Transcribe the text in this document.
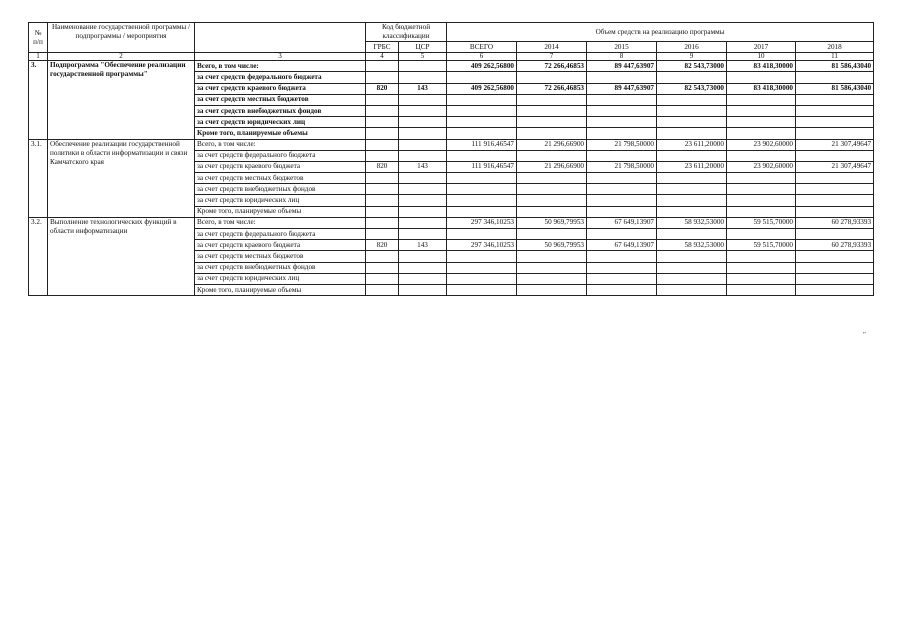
№ п/п	Наименование государственной программы / подпрограммы / мероприятия		Код бюджетной классификации		Объем средств на реализацию программы					
			ГРБС	ЦСР	ВСЕГО	2014	2015	2016	2017	2018
1	2	3	4	5	6	7	8	9	10	11
3.	Подпрограмма "Обеспечение реализации государственной программы"	Всего, в том числе:			409 262,56800	72 266,46853	89 447,63907	82 543,73000	83 418,30000	81 586,43040
		за счет средств федерального бюджета								
		за счет средств краевого бюджета	820	143	409 262,56800	72 266,46853	89 447,63907	82 543,73000	83 418,30000	81 586,43040
		за счет средств местных бюджетов								
		за счет средств внебюджетных фондов								
		за счет средств юридических лиц								
		Кроме того, планируемые объемы								
3.1.	Обеспечение реализации государственной политики в области информатизации и связи Камчатского края	Всего, в том числе:			111 916,46547	21 296,66900	21 798,50000	23 611,20000	23 902,60000	21 307,49647
		за счет средств федерального бюджета								
		за счет средств краевого бюджета	820	143	111 916,46547	21 296,66900	21 798,50000	23 611,20000	23 902,60000	21 307,49647
		за счет средств местных бюджетов								
		за счет средств внебюджетных фондов								
		за счет средств юридических лиц								
		Кроме того, планируемые объемы								
3.2.	Выполнение технологических функций в области информатизации	Всего, в том числе:			297 346,10253	50 969,79953	67 649,13907	58 932,53000	59 515,70000	60 278,93393
		за счет средств федерального бюджета								
		за счет средств краевого бюджета	820	143	297 346,10253	50 969,79953	67 649,13907	58 932,53000	59 515,70000	60 278,93393
		за счет средств местных бюджетов								
		за счет средств внебюджетных фондов								
		за счет средств юридических лиц								
		Кроме того, планируемые объемы								
"
